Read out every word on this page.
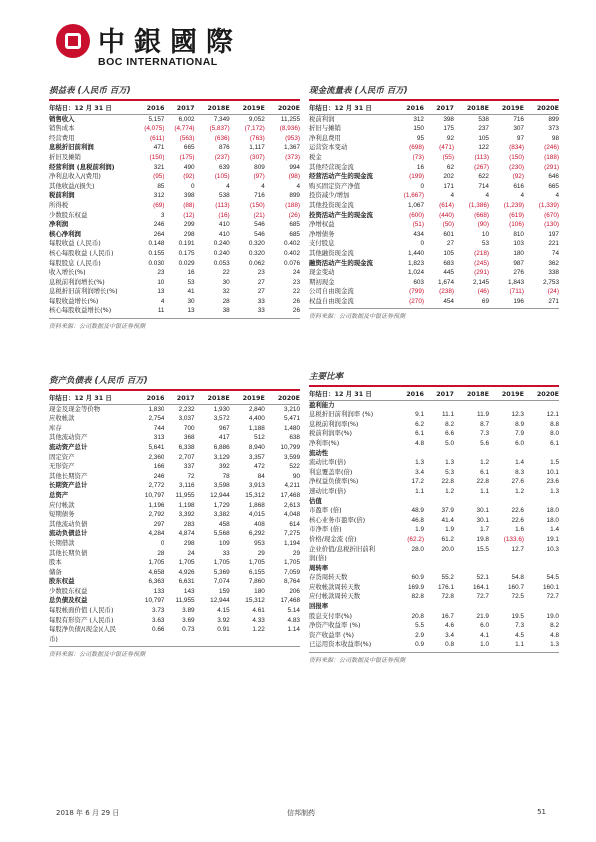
中銀國際
BOC INTERNATIONAL
损益表 (人民币 百万)
年结日：12 月 31 日	2016	2017	2018E	2019E	2020E
销售收入	5,157	6,002	7,349	9,052	11,255
销售成本	(4,075)	(4,774)	(5,837)	(7,172)	(8,936)
经营费用	(611)	(563)	(636)	(763)	(953)
息税折旧前利润	471	665	876	1,117	1,367
折旧及摊销	(150)	(175)	(237)	(307)	(373)
经营利润 (息税前利润)	321	490	639	809	994
净利息收入/(费用)	(95)	(92)	(105)	(97)	(98)
其他收益/(损失)	85	0	4	4	4
税前利润	312	398	538	716	899
所得税	(69)	(88)	(113)	(150)	(188)
少数股东权益	3	(12)	(16)	(21)	(26)
净利润	246	299	410	546	685
核心净利润	264	298	410	546	685
每股收益 (人民币)	0.148	0.191	0.240	0.320	0.402
核心每股收益 (人民币)	0.155	0.175	0.240	0.320	0.402
每股股息 (人民币)	0.030	0.029	0.053	0.062	0.076
收入增长(%)	23	16	22	23	24
息税前利润增长(%)	10	53	30	27	23
息税折旧前利润增长(%)	13	41	32	27	22
每股收益增长(%)	4	30	28	33	26
核心每股收益增长(%)	11	13	38	33	26
资料来源：公司数据及中银证券预测
资产负债表 (人民币 百万)
年结日：12 月 31 日	2016	2017	2018E	2019E	2020E
现金及现金等价物	1,830	2,232	1,930	2,840	3,210
应收帐款	2,754	3,037	3,572	4,400	5,471
库存	744	700	967	1,188	1,480
其他流动资产	313	368	417	512	638
流动资产总计	5,641	6,338	6,886	8,940	10,799
固定资产	2,360	2,707	3,129	3,357	3,599
无形资产	166	337	392	472	522
其他长期资产	246	72	78	84	90
长期资产总计	2,772	3,116	3,598	3,913	4,211
总资产	10,797	11,955	12,944	15,312	17,468
应付帐款	1,196	1,198	1,729	1,868	2,613
短期债务	2,792	3,392	3,382	4,015	4,048
其他流动负债	297	283	458	408	614
流动负债总计	4,284	4,874	5,568	6,292	7,275
长期借款	0	298	109	953	1,194
其他长期负债	28	24	33	29	29
股本	1,705	1,705	1,705	1,705	1,705
储备	4,658	4,926	5,369	6,155	7,059
股东权益	6,363	6,631	7,074	7,860	8,764
少数股东权益	133	143	159	180	206
总负债及权益	10,797	11,955	12,944	15,312	17,468
每股帐面价值 (人民币)	3.73	3.89	4.15	4.61	5.14
每股有形资产 (人民币)	3.63	3.69	3.92	4.33	4.83
每股净负债/(现金)(人民	0.66	0.73	0.91	1.22	1.14
币)					
资料来源：公司数据及中银证券预测
现金流量表 (人民币 百万)
年结日：12 月 31 日	2016	2017	2018E	2019E	2020E
税前利润	312	398	538	716	899
折旧与摊销	150	175	237	307	373
净利息费用	95	92	105	97	98
运营资本变动	(698)	(471)	122	(834)	(246)
税金	(73)	(55)	(113)	(150)	(188)
其他经营现金流	16	62	(267)	(230)	(291)
经营活动产生的现金流	(199)	202	622	(92)	646
购买固定资产净值	0	171	714	616	665
投资减少/增加	(1,667)	4	4	4	4
其他投资现金流	1,067	(614)	(1,386)	(1,239)	(1,339)
投资活动产生的现金流	(600)	(440)	(668)	(619)	(670)
净增权益	(51)	(50)	(90)	(106)	(130)
净增债务	434	601	10	810	197
支付股息	0	27	53	103	221
其他融资现金流	1,440	105	(218)	180	74
融资活动产生的现金流	1,823	683	(245)	987	362
现金变动	1,024	445	(291)	276	338
期初现金	603	1,674	2,145	1,843	2,753
公司自由现金流	(799)	(238)	(46)	(711)	(24)
权益自由现金流	(270)	454	69	196	271
资料来源：公司数据及中银证券预测
主要比率
年结日：12 月 31 日	2016	2017	2018E	2019E	2020E
盈利能力					
息税折旧前利润率 (%)	9.1	11.1	11.9	12.3	12.1
息税前利润率(%)	6.2	8.2	8.7	8.9	8.8
税前利润率(%)	6.1	6.6	7.3	7.9	8.0
净利率(%)	4.8	5.0	5.6	6.0	6.1
流动性					
流动比率(倍)	1.3	1.3	1.2	1.4	1.5
利息覆盖率(倍)	3.4	5.3	6.1	8.3	10.1
净权益负债率(%)	17.2	22.8	22.8	27.6	23.6
速动比率(倍)	1.1	1.2	1.1	1.2	1.3
估值					
市盈率 (倍)	48.9	37.9	30.1	22.6	18.0
核心业务市盈率(倍)	46.8	41.4	30.1	22.6	18.0
市净率 (倍)	1.9	1.9	1.7	1.6	1.4
价格/现金流 (倍)	(62.2)	61.2	19.8	(133.6)	19.1
企业价值/息税折旧前利	28.0	20.0	15.5	12.7	10.3
润(倍)					
周转率					
存货周转天数	60.9	55.2	52.1	54.8	54.5
应收帐款周转天数	169.9	176.1	164.1	160.7	160.1
应付帐款周转天数	82.8	72.8	72.7	72.5	72.7
回报率					
股息支付率(%)	20.8	16.7	21.9	19.5	19.0
净资产收益率 (%)	5.5	4.6	6.0	7.3	8.2
资产收益率 (%)	2.9	3.4	4.1	4.5	4.8
已运用资本收益率(%)	0.9	0.8	1.0	1.1	1.3
资料来源：公司数据及中银证券预测
2018 年 6 月 29 日	信邦制药	51
